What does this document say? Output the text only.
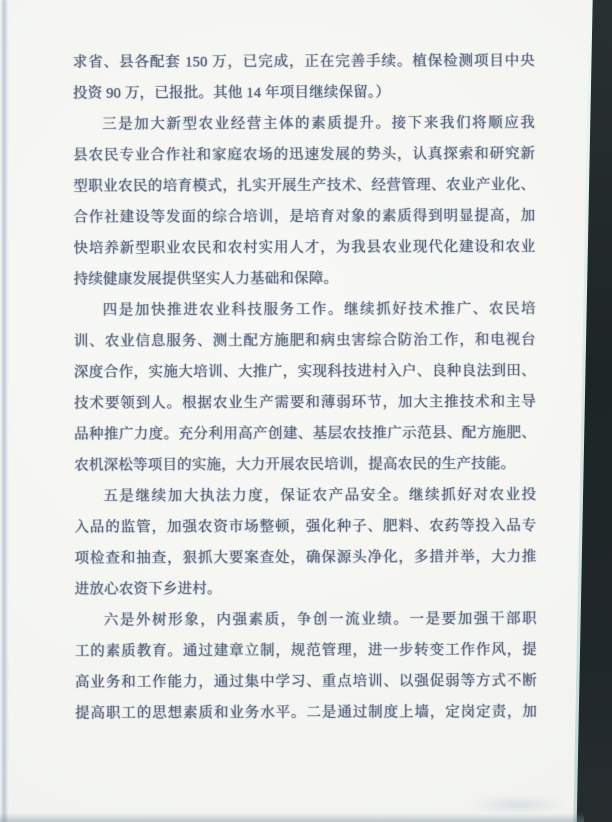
求省、县各配套 150 万，已完成，正在完善手续。植保检测项目中央
投资 90 万，已报批。其他 14 年项目继续保留。）
三是加大新型农业经营主体的素质提升。接下来我们将顺应我
县农民专业合作社和家庭农场的迅速发展的势头，认真探索和研究新
型职业农民的培育模式，扎实开展生产技术、经营管理、农业产业化、
合作社建设等发面的综合培训，是培育对象的素质得到明显提高，加
快培养新型职业农民和农村实用人才，为我县农业现代化建设和农业
持续健康发展提供坚实人力基础和保障。
四是加快推进农业科技服务工作。继续抓好技术推广、农民培
训、农业信息服务、测土配方施肥和病虫害综合防治工作，和电视台
深度合作，实施大培训、大推广，实现科技进村入户、良种良法到田、
技术要领到人。根据农业生产需要和薄弱环节，加大主推技术和主导
品种推广力度。充分利用高产创建、基层农技推广示范县、配方施肥、
农机深松等项目的实施，大力开展农民培训，提高农民的生产技能。
五是继续加大执法力度，保证农产品安全。继续抓好对农业投
入品的监管，加强农资市场整顿，强化种子、肥料、农药等投入品专
项检查和抽查，狠抓大要案查处，确保源头净化，多措并举，大力推
进放心农资下乡进村。
六是外树形象，内强素质，争创一流业绩。一是要加强干部职
工的素质教育。通过建章立制，规范管理，进一步转变工作作风，提
高业务和工作能力，通过集中学习、重点培训、以强促弱等方式不断
提高职工的思想素质和业务水平。二是通过制度上墙，定岗定责，加
